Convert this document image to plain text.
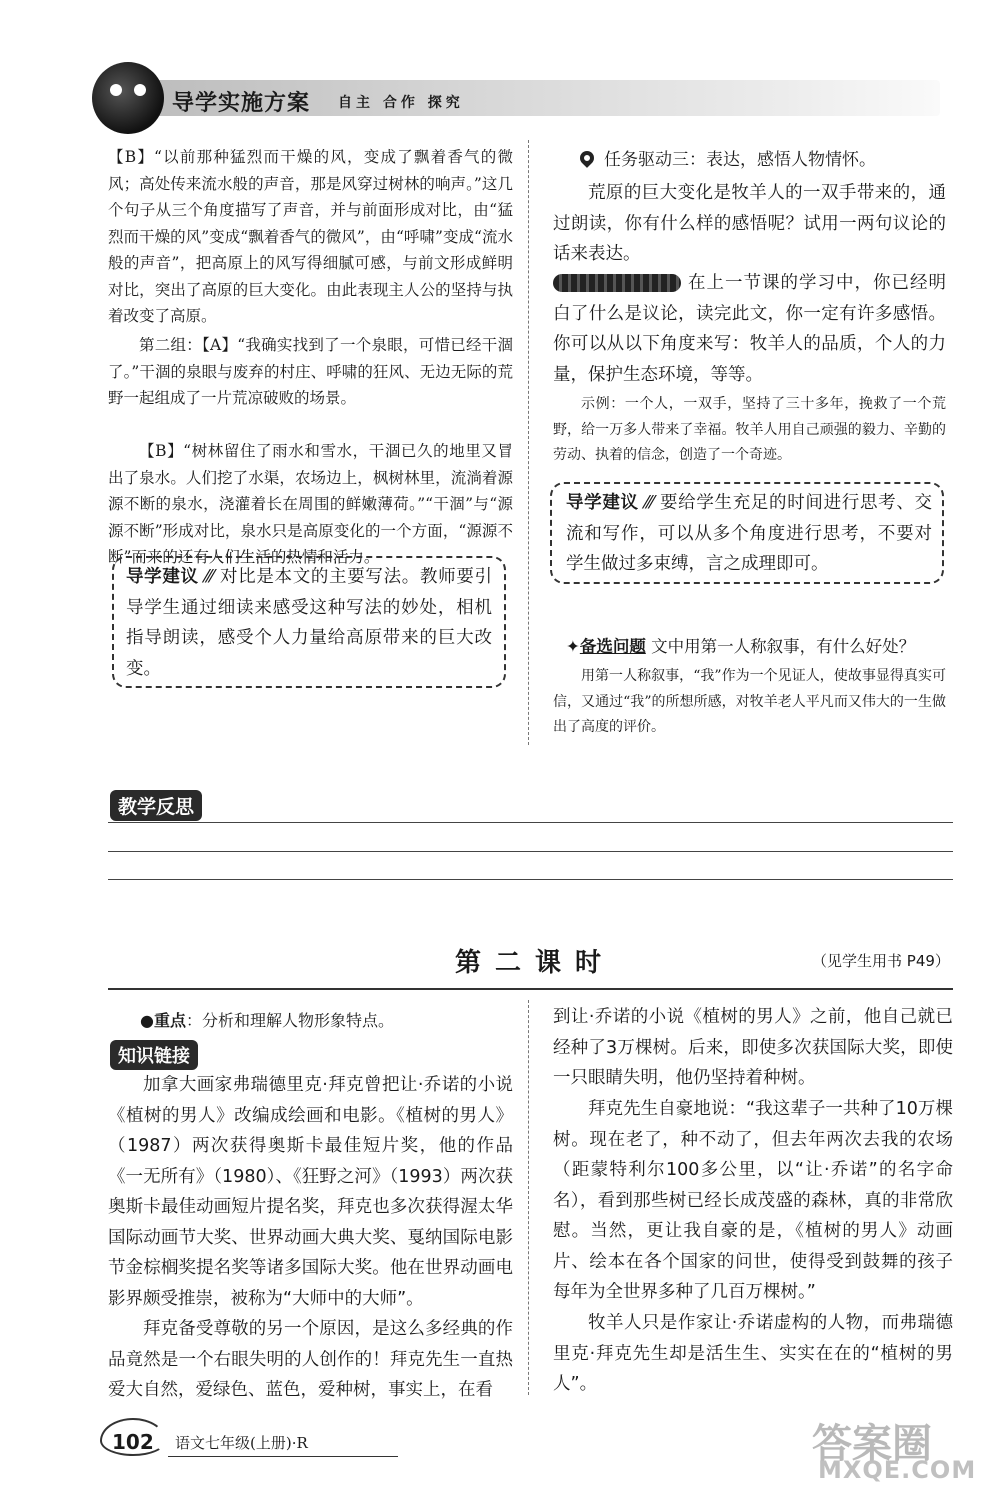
导学实施方案 自主 合作 探究

【B】“以前那种猛烈而干燥的风，变成了飘着香气的微风；高处传来流水般的声音，那是风穿过树林的响声。”这几个句子从三个角度描写了声音，并与前面形成对比，由“猛烈而干燥的风”变成“飘着香气的微风”，由“呼啸”变成“流水般的声音”，把高原上的风写得细腻可感，与前文形成鲜明对比，突出了高原的巨大变化。由此表现主人公的坚持与执着改变了高原。

第二组：【A】“我确实找到了一个泉眼，可惜已经干涸了。”干涸的泉眼与废弃的村庄、呼啸的狂风、无边无际的荒野一起组成了一片荒凉破败的场景。

【B】“树林留住了雨水和雪水，干涸已久的地里又冒出了泉水。人们挖了水渠，农场边上，枫树林里，流淌着源源不断的泉水，浇灌着长在周围的鲜嫩薄荷。”“干涸”与“源源不断”形成对比，泉水只是高原变化的一个方面，“源源不断”而来的还有人们生活的热情和活力。

导学建议 ⁄⁄⁄ 对比是本文的主要写法。教师要引导学生通过细读来感受这种写法的妙处，相机指导朗读，感受个人力量给高原带来的巨大改变。

任务驱动三：表达，感悟人物情怀。

荒原的巨大变化是牧羊人的一双手带来的，通过朗读，你有什么样的感悟呢？试用一两句议论的话来表达。

在上一节课的学习中，你已经明白了什么是议论，读完此文，你一定有许多感悟。你可以从以下角度来写：牧羊人的品质，个人的力量，保护生态环境，等等。

示例：一个人，一双手，坚持了三十多年，挽救了一个荒野，给一万多人带来了幸福。牧羊人用自己顽强的毅力、辛勤的劳动、执着的信念，创造了一个奇迹。

导学建议 ⁄⁄⁄ 要给学生充足的时间进行思考、交流和写作，可以从多个角度进行思考，不要对学生做过多束缚，言之成理即可。

✦备选问题 文中用第一人称叙事，有什么好处？

用第一人称叙事，“我”作为一个见证人，使故事显得真实可信，又通过“我”的所想所感，对牧羊老人平凡而又伟大的一生做出了高度的评价。

教学反思
第二课时	（见学生用书 P49）
●重点：分析和理解人物形象特点。
知识链接

加拿大画家弗瑞德里克·拜克曾把让·乔诺的小说《植树的男人》改编成绘画和电影。《植树的男人》（1987）两次获得奥斯卡最佳短片奖，他的作品《一无所有》（1980）、《狂野之河》（1993）两次获奥斯卡最佳动画短片提名奖，拜克也多次获得渥太华国际动画节大奖、世界动画大典大奖、戛纳国际电影节金棕榈奖提名奖等诸多国际大奖。他在世界动画电影界颇受推崇，被称为“大师中的大师”。

拜克备受尊敬的另一个原因，是这么多经典的作品竟然是一个右眼失明的人创作的！拜克先生一直热爱大自然，爱绿色、蓝色，爱种树，事实上，在看

到让·乔诺的小说《植树的男人》之前，他自己就已经种了3万棵树。后来，即使多次获国际大奖，即使一只眼睛失明，他仍坚持着种树。

拜克先生自豪地说：“我这辈子一共种了10万棵树。现在老了，种不动了，但去年两次去我的农场（距蒙特利尔100多公里，以“让·乔诺”的名字命名），看到那些树已经长成茂盛的森林，真的非常欣慰。当然，更让我自豪的是，《植树的男人》动画片、绘本在各个国家的问世，使得受到鼓舞的孩子每年为全世界多种了几百万棵树。”

牧羊人只是作家让·乔诺虚构的人物，而弗瑞德里克·拜克先生却是活生生、实实在在的“植树的男人”。

102 语文七年级(上册)·R	答案圈
MXQE.COM
